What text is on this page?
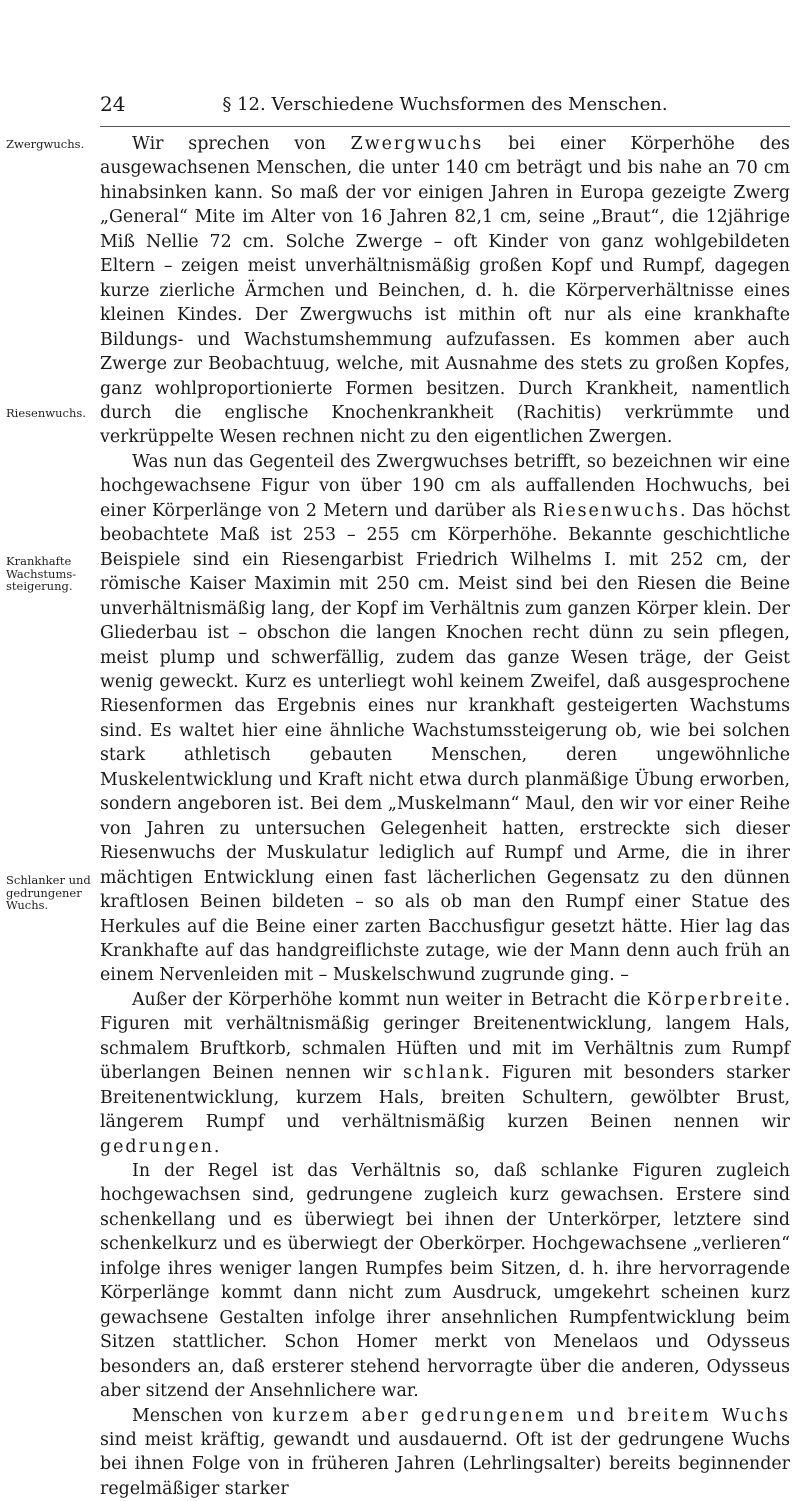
24	§ 12. Verschiedene Wuchsformen des Menschen.
Zwergwuchs.
Riesenwuchs.
Krankhafte Wachstums-steigerung.
Schlanker und gedrungener Wuchs.

Wir sprechen von Zwergwuchs bei einer Körperhöhe des ausgewachsenen Menschen, die unter 140 cm beträgt und bis nahe an 70 cm hinabsinken kann. So maß der vor einigen Jahren in Europa gezeigte Zwerg „General“ Mite im Alter von 16 Jahren 82,1 cm, seine „Braut“, die 12jährige Miß Nellie 72 cm. Solche Zwerge – oft Kinder von ganz wohlgebildeten Eltern – zeigen meist unverhältnismäßig großen Kopf und Rumpf, dagegen kurze zierliche Ärmchen und Beinchen, d. h. die Körperverhältnisse eines kleinen Kindes. Der Zwergwuchs ist mithin oft nur als eine krankhafte Bildungs- und Wachstumshemmung aufzufassen. Es kommen aber auch Zwerge zur Beobachtuug, welche, mit Ausnahme des stets zu großen Kopfes, ganz wohlproportionierte Formen besitzen. Durch Krankheit, namentlich durch die englische Knochenkrankheit (Rachitis) verkrümmte und verkrüppelte Wesen rechnen nicht zu den eigentlichen Zwergen.

Was nun das Gegenteil des Zwergwuchses betrifft, so bezeichnen wir eine hochgewachsene Figur von über 190 cm als auffallenden Hochwuchs, bei einer Körperlänge von 2 Metern und darüber als Riesenwuchs. Das höchst beobachtete Maß ist 253 – 255 cm Körperhöhe. Bekannte geschichtliche Beispiele sind ein Riesengarbist Friedrich Wilhelms I. mit 252 cm, der römische Kaiser Maximin mit 250 cm. Meist sind bei den Riesen die Beine unverhältnismäßig lang, der Kopf im Verhältnis zum ganzen Körper klein. Der Gliederbau ist – obschon die langen Knochen recht dünn zu sein pflegen, meist plump und schwerfällig, zudem das ganze Wesen träge, der Geist wenig geweckt. Kurz es unterliegt wohl keinem Zweifel, daß ausgesprochene Riesenformen das Ergebnis eines nur krankhaft gesteigerten Wachstums sind. Es waltet hier eine ähnliche Wachstumssteigerung ob, wie bei solchen stark athletisch gebauten Menschen, deren ungewöhnliche Muskelentwicklung und Kraft nicht etwa durch planmäßige Übung erworben, sondern angeboren ist. Bei dem „Muskelmann“ Maul, den wir vor einer Reihe von Jahren zu untersuchen Gelegenheit hatten, erstreckte sich dieser Riesenwuchs der Muskulatur lediglich auf Rumpf und Arme, die in ihrer mächtigen Entwicklung einen fast lächerlichen Gegensatz zu den dünnen kraftlosen Beinen bildeten – so als ob man den Rumpf einer Statue des Herkules auf die Beine einer zarten Bacchusfigur gesetzt hätte. Hier lag das Krankhafte auf das handgreiflichste zutage, wie der Mann denn auch früh an einem Nervenleiden mit – Muskelschwund zugrunde ging. –

Außer der Körperhöhe kommt nun weiter in Betracht die Körperbreite. Figuren mit verhältnismäßig geringer Breitenentwicklung, langem Hals, schmalem Bruftkorb, schmalen Hüften und mit im Verhältnis zum Rumpf überlangen Beinen nennen wir schlank. Figuren mit besonders starker Breitenentwicklung, kurzem Hals, breiten Schultern, gewölbter Brust, längerem Rumpf und verhältnismäßig kurzen Beinen nennen wir gedrungen.

In der Regel ist das Verhältnis so, daß schlanke Figuren zugleich hochgewachsen sind, gedrungene zugleich kurz gewachsen. Erstere sind schenkellang und es überwiegt bei ihnen der Unterkörper, letztere sind schenkelkurz und es überwiegt der Oberkörper. Hochgewachsene „verlieren“ infolge ihres weniger langen Rumpfes beim Sitzen, d. h. ihre hervorragende Körperlänge kommt dann nicht zum Ausdruck, umgekehrt scheinen kurz gewachsene Gestalten infolge ihrer ansehnlichen Rumpfentwicklung beim Sitzen stattlicher. Schon Homer merkt von Menelaos und Odysseus besonders an, daß ersterer stehend hervorragte über die anderen, Odysseus aber sitzend der Ansehnlichere war.

Menschen von kurzem aber gedrungenem und breitem Wuchs sind meist kräftig, gewandt und ausdauernd. Oft ist der gedrungene Wuchs bei ihnen Folge von in früheren Jahren (Lehrlingsalter) bereits beginnender regelmäßiger starker
